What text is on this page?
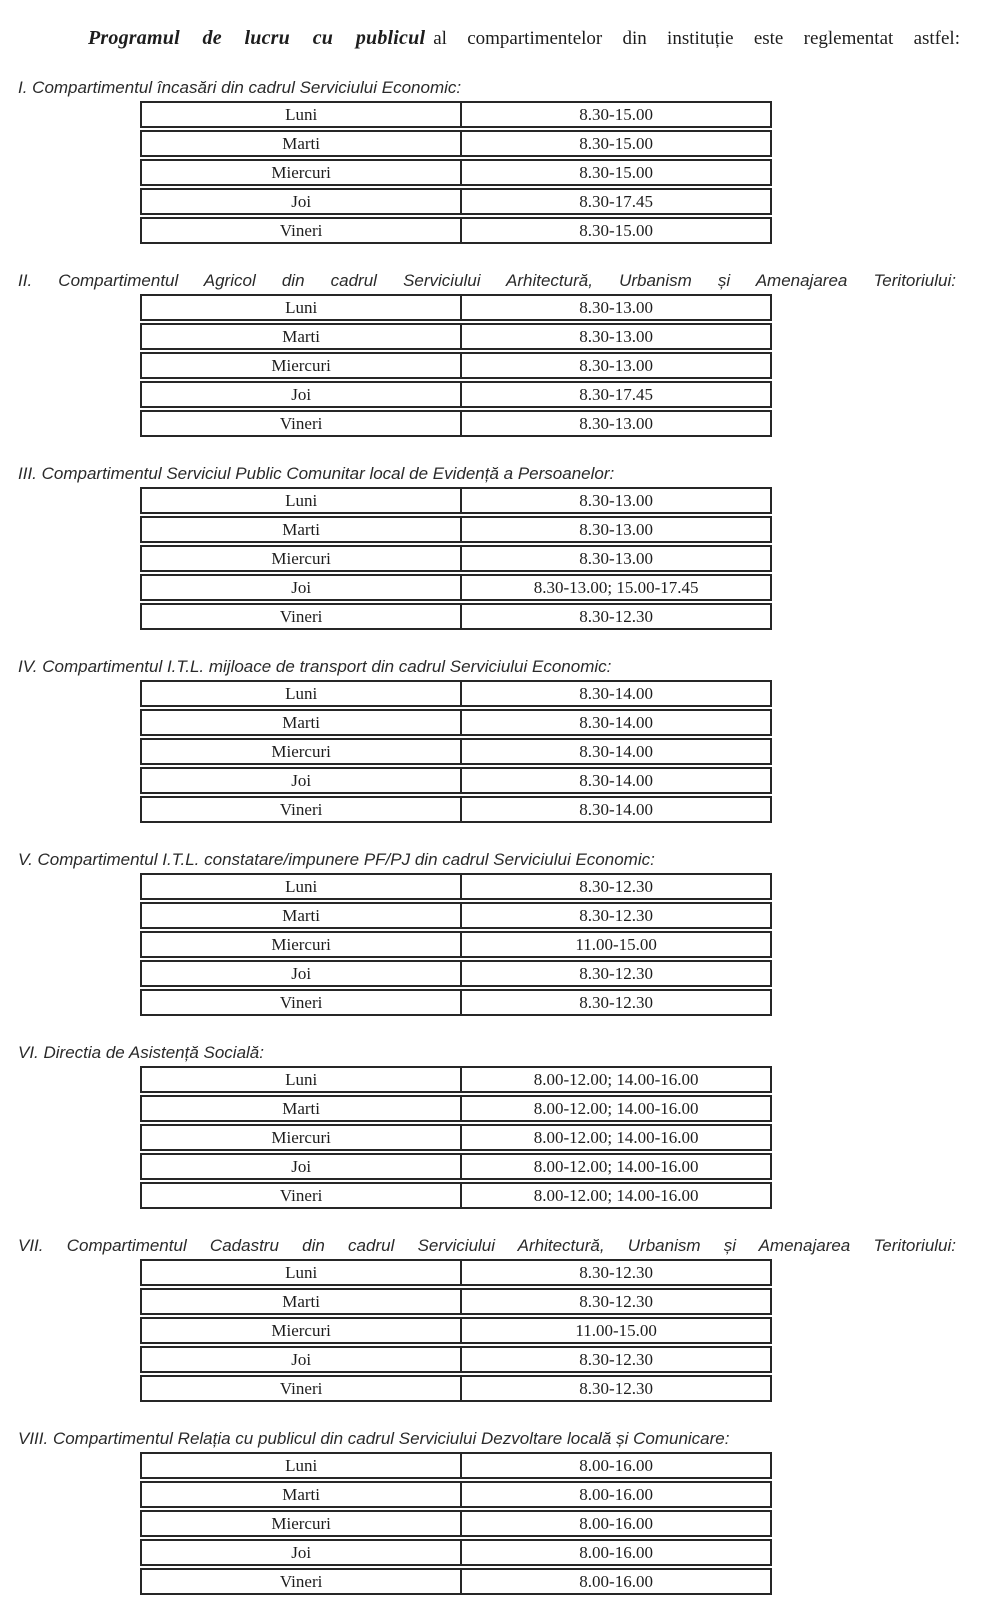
Programul de lucru cu publicul al compartimentelor din instituție este reglementat astfel:

I. Compartimentul încasări din cadrul Serviciului Economic:

Luni	8.30-15.00
Marti	8.30-15.00
Miercuri	8.30-15.00
Joi	8.30-17.45
Vineri	8.30-15.00

II. Compartimentul Agricol din cadrul Serviciului Arhitectură, Urbanism și Amenajarea Teritoriului:

Luni	8.30-13.00
Marti	8.30-13.00
Miercuri	8.30-13.00
Joi	8.30-17.45
Vineri	8.30-13.00

III. Compartimentul Serviciul Public Comunitar local de Evidență a Persoanelor:

Luni	8.30-13.00
Marti	8.30-13.00
Miercuri	8.30-13.00
Joi	8.30-13.00; 15.00-17.45
Vineri	8.30-12.30

IV. Compartimentul I.T.L. mijloace de transport din cadrul Serviciului Economic:

Luni	8.30-14.00
Marti	8.30-14.00
Miercuri	8.30-14.00
Joi	8.30-14.00
Vineri	8.30-14.00

V. Compartimentul I.T.L. constatare/impunere PF/PJ din cadrul Serviciului Economic:

Luni	8.30-12.30
Marti	8.30-12.30
Miercuri	11.00-15.00
Joi	8.30-12.30
Vineri	8.30-12.30

VI. Directia de Asistență Socială:

Luni	8.00-12.00; 14.00-16.00
Marti	8.00-12.00; 14.00-16.00
Miercuri	8.00-12.00; 14.00-16.00
Joi	8.00-12.00; 14.00-16.00
Vineri	8.00-12.00; 14.00-16.00

VII. Compartimentul Cadastru din cadrul Serviciului Arhitectură, Urbanism și Amenajarea Teritoriului:

Luni	8.30-12.30
Marti	8.30-12.30
Miercuri	11.00-15.00
Joi	8.30-12.30
Vineri	8.30-12.30

VIII. Compartimentul Relația cu publicul din cadrul Serviciului Dezvoltare locală și Comunicare:

Luni	8.00-16.00
Marti	8.00-16.00
Miercuri	8.00-16.00
Joi	8.00-16.00
Vineri	8.00-16.00
